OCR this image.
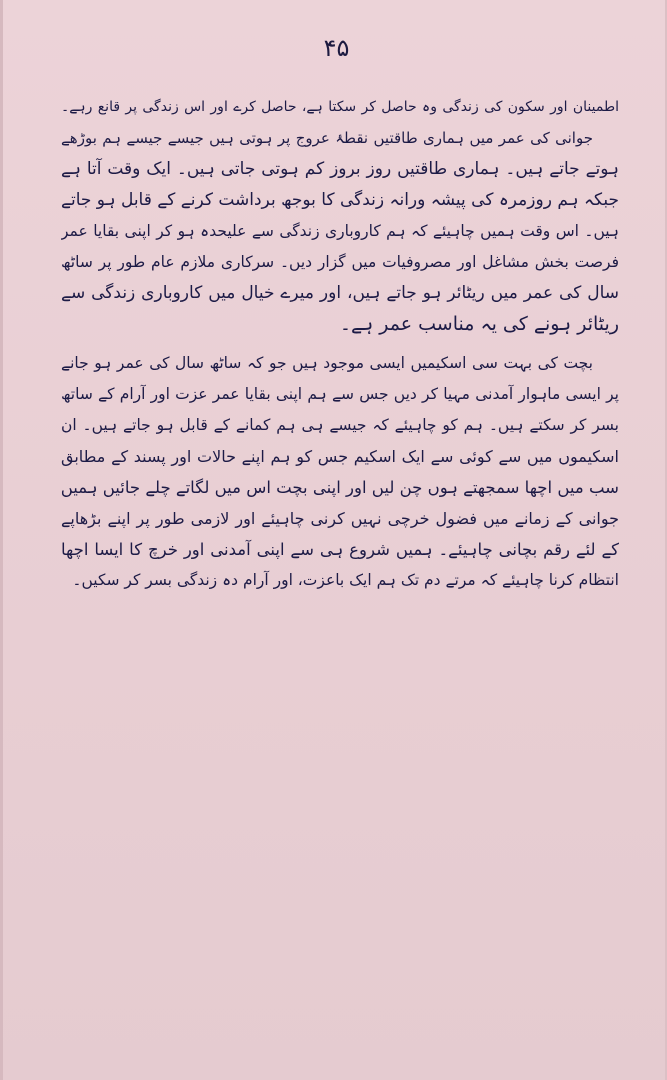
۴۵

اطمینان اور سکون کی زندگی وہ حاصل کر سکتا ہے، حاصل کرے اور اس زندگی پر قانع رہے۔
جوانی کی عمر میں ہماری طاقتیں نقطۂ عروج پر ہوتی ہیں جیسے جیسے ہم بوڑھے
ہوتے جاتے ہیں۔ ہماری طاقتیں روز بروز کم ہوتی جاتی ہیں۔ ایک وقت آتا ہے
جبکہ ہم روزمرہ کی پیشہ ورانہ زندگی کا بوجھ برداشت کرنے کے قابل ہو جاتے
ہیں۔ اس وقت ہمیں چاہیئے کہ ہم کاروباری زندگی سے علیحدہ ہو کر اپنی بقایا عمر
فرصت بخش مشاغل اور مصروفیات میں گزار دیں۔ سرکاری ملازم عام طور پر ساٹھ
سال کی عمر میں ریٹائر ہو جاتے ہیں، اور میرے خیال میں کاروباری زندگی سے
ریٹائر ہونے کی یہ مناسب عمر ہے۔

بچت کی بہت سی اسکیمیں ایسی موجود ہیں جو کہ ساٹھ سال کی عمر ہو جانے
پر ایسی ماہوار آمدنی مہیا کر دیں جس سے ہم اپنی بقایا عمر عزت اور آرام کے ساتھ
بسر کر سکتے ہیں۔ ہم کو چاہیئے کہ جیسے ہی ہم کمانے کے قابل ہو جاتے ہیں۔ ان
اسکیموں میں سے کوئی سے ایک اسکیم جس کو ہم اپنے حالات اور پسند کے مطابق
سب میں اچھا سمجھتے ہوں چن لیں اور اپنی بچت اس میں لگاتے چلے جائیں ہمیں
جوانی کے زمانے میں فضول خرچی نہیں کرنی چاہیئے اور لازمی طور پر اپنے بڑھاپے
کے لئے رقم بچانی چاہیئے۔ ہمیں شروع ہی سے اپنی آمدنی اور خرچ کا ایسا اچھا
انتظام کرنا چاہیئے کہ مرتے دم تک ہم ایک باعزت، اور آرام دہ زندگی بسر کر سکیں۔
